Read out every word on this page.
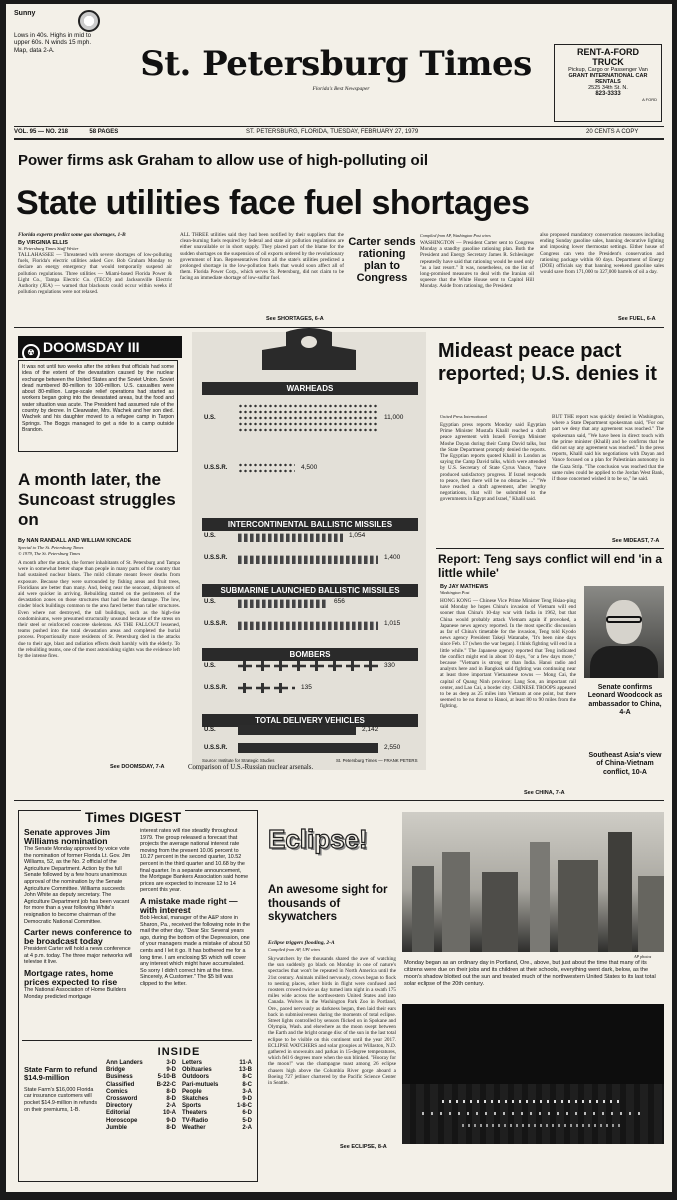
Sunny
Lows in 40s. Highs in mid to upper 60s. N winds 15 mph. Map, data 2-A.	St. Petersburg Times
Florida's Best Newspaper
RENT-A-FORD
TRUCK
Pickup, Cargo or Passenger Van
GRANT INTERNATIONAL CAR RENTALS
2525 34th St. N.
823-3333
A FORD
VOL. 95 — NO. 218	58 PAGES	ST. PETERSBURG, FLORIDA, TUESDAY, FEBRUARY 27, 1979	20 CENTS A COPY
Power firms ask Graham to allow use of high-polluting oil
State utilities face fuel shortages
Florida experts predict some gas shortages, 1-B
By VIRGINIA ELLIS
St. Petersburg Times Staff Writer
TALLAHASSEE — Threatened with severe shortages of low-polluting fuels, Florida's electric utilities asked Gov. Bob Graham Monday to declare an energy emergency that would temporarily suspend air pollution regulations. Three utilities — Miami-based Florida Power & Light Co., Tampa Electric Co. (TECO) and Jacksonville Electric Authority (JEA) — warned that blackouts could occur within weeks if pollution regulations were not relaxed.
ALL THREE utilities said they had been notified by their suppliers that the clean-burning fuels required by federal and state air pollution regulations are either unavailable or in short supply. They placed part of the blame for the sudden shortages on the suspension of oil exports ordered by the revolutionary government of Iran. Representatives from all the state's utilities predicted a prolonged shortage in the low-pollution fuels that would soon affect all of them. Florida Power Corp., which serves St. Petersburg, did not claim to be facing an immediate shortage of low-sulfur fuel.
See SHORTAGES, 6-A
Carter sends rationing plan to Congress
Compiled from AP, Washington Post wires
WASHINGTON — President Carter sent to Congress Monday a standby gasoline rationing plan. Both the President and Energy Secretary James R. Schlesinger repeatedly have said that rationing would be used only "as a last resort." It was, nonetheless, on the list of long-promised measures to deal with the Iranian oil squeeze that the White House sent to Capitol Hill Monday. Aside from rationing, the President
also proposed mandatory conservation measures including ending Sunday gasoline sales, banning decorative lighting and imposing lower thermostat settings. Either house of Congress can veto the President's conservation and rationing package within 60 days. Department of Energy (DOE) officials say that banning weekend gasoline sales would save from 171,000 to 327,000 barrels of oil a day.
See FUEL, 6-A
☢ DOOMSDAY III
It was not until two weeks after the strikes that officials had some idea of the extent of the devastation caused by the nuclear exchange between the United States and the Soviet Union. Soviet dead numbered 80-million to 100-million. U.S. casualties were about 80-million. Large-scale relief operations had started as workers began going into the devastated areas, but the food and water situation was acute. The President had assumed rule of the country by decree. In Clearwater, Mrs. Wachek and her son died. Wachek and his daughter moved to a refugee camp in Tarpon Springs. The Boggs managed to get a ride to a camp outside Brandon.
A month later, the Suncoast struggles on
By NAN RANDALL AND WILLIAM KINCADE
Special to The St. Petersburg Times
© 1979, The St. Petersburg Times
A month after the attack, the former inhabitants of St. Petersburg and Tampa were in somewhat better shape than people in many parts of the country that had sustained nuclear blasts. The mild climate meant fewer deaths from exposure. Because they were surrounded by fishing areas and fruit trees, Floridians are better than many. And, being near the seacoast, shipments of aid were quicker in arriving. Rebuilding started on the perimeters of the devastation zones on those structures that had the least damage. The low, cinder block buildings common to the area fared better than taller structures. Even where not destroyed, the tall buildings, such as the high-rise condominiums, were presumed structurally unsound because of the stress on their steel or reinforced concrete skeletons. AS THE FALLOUT lessened, teams pushed into the total devastation areas and completed the burial process. Proportionally more residents of St. Petersburg died in the attacks due to their age, blast and radiation effects dealt harshly with the elderly. To the rebuilding teams, one of the most astonishing sights was the evidence left by the intense fires.
See DOOMSDAY, 7-A
WARHEADS
INTERCONTINENTAL BALLISTIC MISSILES
SUBMARINE LAUNCHED BALLISTIC MISSILES
BOMBERS
TOTAL DELIVERY VEHICLES
U.S.	11,000
U.S.S.R.	4,500
U.S.	1,054
U.S.S.R.	1,400
U.S.	656
U.S.S.R.	1,015
U.S.	330
U.S.S.R.	135
U.S.	2,142
U.S.S.R.	2,550
Source: Institute for Strategic Studies	St. Petersburg Times — FRANK PETERS
Comparison of U.S.-Russian nuclear arsenals.
Mideast peace pact reported; U.S. denies it
United Press International
Egyptian press reports Monday said Egyptian Prime Minister Mustafa Khalil reached a draft peace agreement with Israeli Foreign Minister Moshe Dayan during their Camp David talks, but the State Department promptly denied the reports. The Egyptian reports quoted Khalil in London as saying the Camp David talks, which were attended by U.S. Secretary of State Cyrus Vance, "have produced satisfactory progress. If Israel responds to peace, then there will be no obstacles ..." "We have reached a draft agreement, after lengthy negotiations, that will be submitted to the governments in Egypt and Israel," Khalil said.
BUT THE report was quickly denied in Washington, where a State Department spokesman said, "For our part we deny that any agreement was reached." The spokesman said, "We have been in direct touch with the prime minister (Khalil) and he confirms that he did not say any agreement was reached." In the press reports, Khalil said his negotiations with Dayan and Vance focused on a plan for Palestinian autonomy in the Gaza Strip. "The conclusion was reached that the same rules could be applied to the Jordan West Bank, if those concerned wished it to be so," he said.
See MIDEAST, 7-A
Report: Teng says conflict will end 'in a little while'
By JAY MATHEWS
Washington Post
HONG KONG — Chinese Vice Prime Minister Teng Hsiao-ping said Monday he hopes China's invasion of Vietnam will end sooner than China's 10-day war with India in 1962, but that China would probably attack Vietnam again if provoked, a Japanese news agency reported. In the most specific discussion as far of China's timetable for the invasion, Teng told Kyodo news agency President Takeji Watanabe, "It's been nine days since Feb. 17 (when the war began). I think fighting will end in a little while." The Japanese agency reported that Teng indicated the conflict might end in about 10 days, "or a few days more," because "Vietnam is strong or than India. Hanoi radio and analysts here and in Bangkok said fighting was continuing near at least three important Vietnamese towns — Mong Cai, the capital of Quang Ninh province; Lang Son, an important rail center, and Lao Cai, a border city. CHINESE TROOPS appeared to be as deep as 25 miles into Vietnam at one point, but there seemed to be no threat to Hanoi, at least 80 to 90 miles from the fighting.
See CHINA, 7-A
Senate confirms Leonard Woodcock as ambassador to China, 4-A
Southeast Asia's view of China-Vietnam conflict, 10-A
Times DIGEST
Senate approves Jim Williams nomination
The Senate Monday approved by voice vote the nomination of former Florida Lt. Gov. Jim Williams, 52, as the No. 2 official of the Agriculture Department. Action by the full Senate followed by a few hours unanimous approval of the nomination by the Senate Agriculture Committee. Williams succeeds John White as deputy secretary. The Agriculture Department job has been vacant for more than a year following White's resignation to become chairman of the Democratic National Committee.
Carter news conference to be broadcast today
President Carter will hold a news conference at 4 p.m. today. The three major networks will televise it live.
Mortgage rates, home prices expected to rise
The National Association of Home Builders Monday predicted mortgage
interest rates will rise steadily throughout 1979. The group released a forecast that projects the average national interest rate moving from the present 10.06 percent to 10.27 percent in the second quarter, 10.52 percent in the third quarter and 10.68 by the final quarter. In a separate announcement, the Mortgage Bankers Association said home prices are expected to increase 12 to 14 percent this year.
A mistake made right — with interest
Bob Heckal, manager of the A&P store in Sharon, Pa., received the following note in the mail the other day. "Dear Sis: Several years ago, during the bottom of the Depression, one of your managers made a mistake of about 50 cents and I let it go. It has bothered me for a long time. I am enclosing $5 which will cover any interest which might have accumulated. So sorry I didn't correct him at the time. Sincerely, A Customer." The $5 bill was clipped to the letter.
State Farm to refund $14.9-million
State Farm's $16,000 Florida car insurance customers will pocket $14.9-million in refunds on their premiums, 1-B.
INSIDE
Ann Landers	3-D
Bridge	9-D
Business	5-10-B
Classified	B-22-C
Comics	8-D
Crossword	8-D
Directory	2-A
Editorial	10-A
Horoscope	9-D
Jumble	8-D
Letters	11-A
Obituaries	13-B
Outdoors	8-C
Pari-mutuels	8-C
People	3-A
Skatches	9-D
Sports	1-8-C
Theaters	6-D
TV-Radio	5-D
Weather	2-A
Eclipse!
An awesome sight for thousands of skywatchers
Eclipse triggers flooding, 2-A
Compiled from AP, UPI wires
Skywatchers by the thousands shared the awe of watching the sun suddenly go black on Monday in one of nature's spectacles that won't be repeated in North America until the 21st century. Animals milled nervously, crows began to flock to nesting places, other birds in flight were confused and roosters crowed twice as day turned into night in a swath 175 miles wide across the northwestern United States and into Canada. Wolves in the Washington Park Zoo in Portland, Ore., paced nervously as darkness began, then laid their ears back in submissiveness during the moments of total eclipse. Street lights controlled by sensors flicked on in Spokane and Olympia, Wash. and elsewhere as the moon swept between the Earth and the bright orange disc of the sun in the last total eclipse to be visible on this continent until the year 2017. ECLIPSE WATCHERS and solar groupies at Willaston, N.D. gathered in snowsuits and parkas in 15-degree temperatures, which fell 6 degrees more when the sun blinked. "Hooray for the moon!" was the champagne toast among 26 eclipse chasers high above the Columbia River gorge aboard a Boeing 727 jetliner chartered by the Pacific Science Center in Seattle.
See ECLIPSE, 8-A
AP photos
Monday began as an ordinary day in Portland, Ore., above, but just about the time that many of its citizens were due on their jobs and its children at their schools, everything went dark, below, as the moon's shadow blotted out the sun and treated much of the northwestern United States to its last total solar eclipse of the 20th century.
